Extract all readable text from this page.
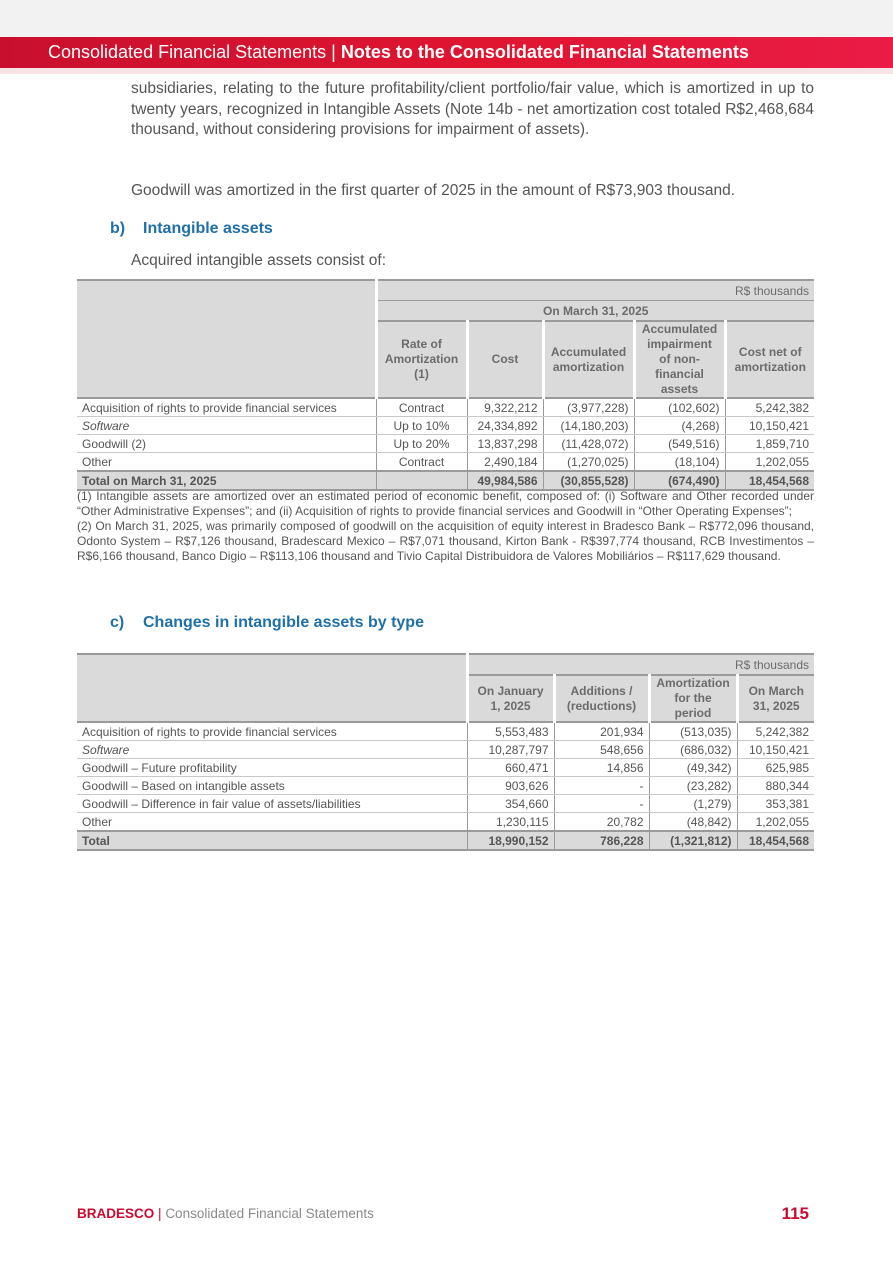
Consolidated Financial Statements | Notes to the Consolidated Financial Statements

subsidiaries, relating to the future profitability/client portfolio/fair value, which is amortized in up to twenty years, recognized in Intangible Assets (Note 14b - net amortization cost totaled R$2,468,684 thousand, without considering provisions for impairment of assets).

Goodwill was amortized in the first quarter of 2025 in the amount of R$73,903 thousand.

b) Intangible assets

Acquired intangible assets consist of:

	R$ thousands				
	On March 31, 2025				
	Rate of Amortization (1)	Cost	Accumulated amortization	Accumulated impairment of non-financial assets	Cost net of amortization
Acquisition of rights to provide financial services	Contract	9,322,212	(3,977,228)	(102,602)	5,242,382
Software	Up to 10%	24,334,892	(14,180,203)	(4,268)	10,150,421
Goodwill (2)	Up to 20%	13,837,298	(11,428,072)	(549,516)	1,859,710
Other	Contract	2,490,184	(1,270,025)	(18,104)	1,202,055
Total on March 31, 2025		49,984,586	(30,855,528)	(674,490)	18,454,568

(1) Intangible assets are amortized over an estimated period of economic benefit, composed of: (i) Software and Other recorded under “Other Administrative Expenses”; and (ii) Acquisition of rights to provide financial services and Goodwill in “Other Operating Expenses”;

(2) On March 31, 2025, was primarily composed of goodwill on the acquisition of equity interest in Bradesco Bank – R$772,096 thousand, Odonto System – R$7,126 thousand, Bradescard Mexico – R$7,071 thousand, Kirton Bank - R$397,774 thousand, RCB Investimentos – R$6,166 thousand, Banco Digio – R$113,106 thousand and Tivio Capital Distribuidora de Valores Mobiliários – R$117,629 thousand.

c) Changes in intangible assets by type
	R$ thousands			
	On January 1, 2025	Additions / (reductions)	Amortization for the period	On March 31, 2025
Acquisition of rights to provide financial services	5,553,483	201,934	(513,035)	5,242,382
Software	10,287,797	548,656	(686,032)	10,150,421
Goodwill – Future profitability	660,471	14,856	(49,342)	625,985
Goodwill – Based on intangible assets	903,626	-	(23,282)	880,344
Goodwill – Difference in fair value of assets/liabilities	354,660	-	(1,279)	353,381
Other	1,230,115	20,782	(48,842)	1,202,055
Total	18,990,152	786,228	(1,321,812)	18,454,568
BRADESCO | Consolidated Financial Statements	115
